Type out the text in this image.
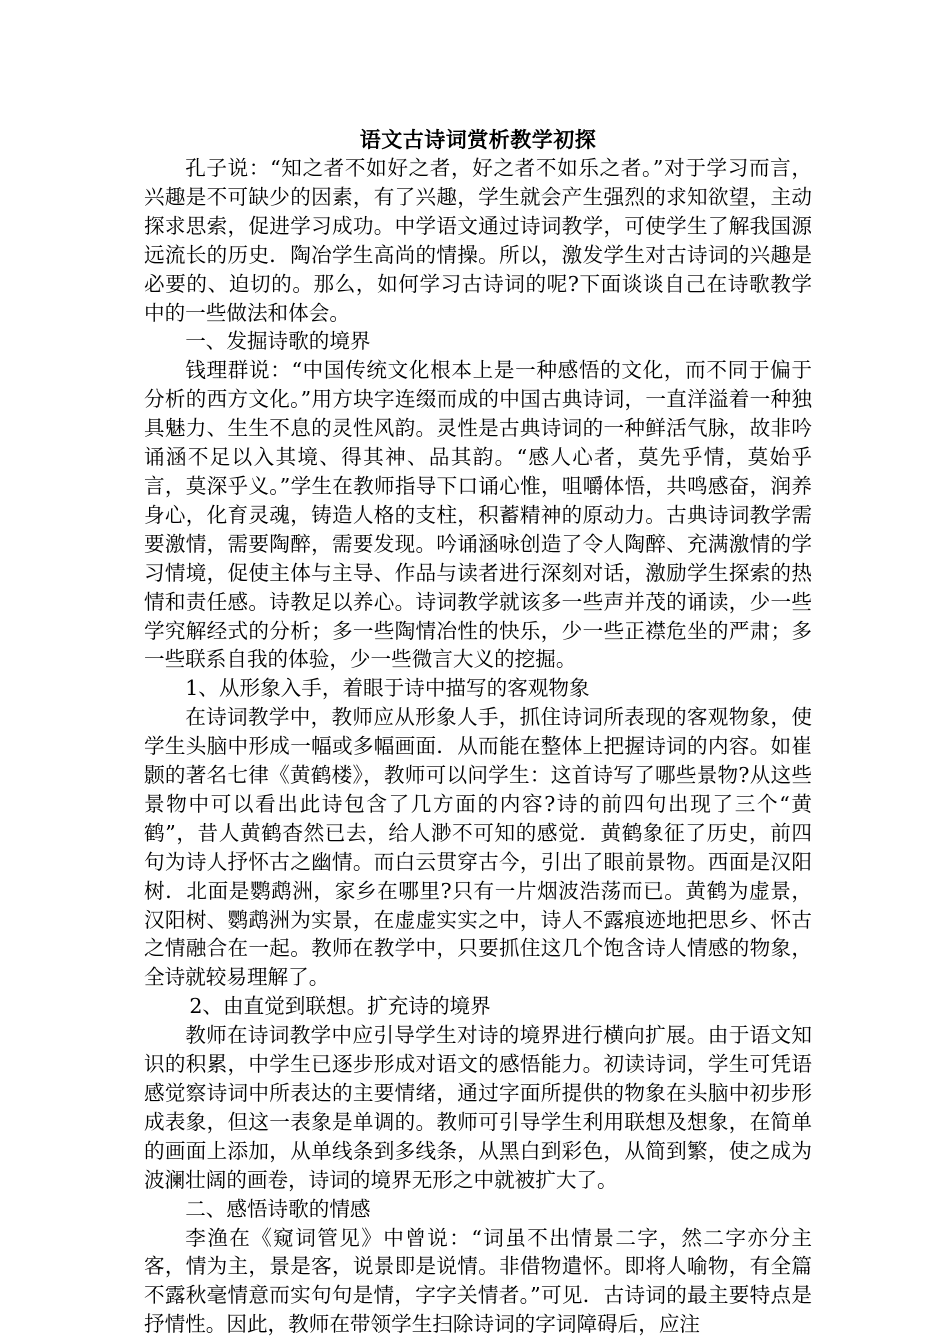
语文古诗词赏析教学初探

孔子说：“知之者不如好之者，好之者不如乐之者。”对于学习而言，兴趣是不可缺少的因素，有了兴趣，学生就会产生强烈的求知欲望，主动探求思索，促进学习成功。中学语文通过诗词教学，可使学生了解我国源远流长的历史．陶冶学生高尚的情操。所以，激发学生对古诗词的兴趣是必要的、迫切的。那么，如何学习古诗词的呢?下面谈谈自己在诗歌教学中的一些做法和体会。

一、发掘诗歌的境界

钱理群说：“中国传统文化根本上是一种感悟的文化，而不同于偏于分析的西方文化。”用方块字连缀而成的中国古典诗词，一直洋溢着一种独具魅力、生生不息的灵性风韵。灵性是古典诗词的一种鲜活气脉，故非吟诵涵不足以入其境、得其神、品其韵。“感人心者，莫先乎情，莫始乎言，莫深乎义。”学生在教师指导下口诵心惟，咀嚼体悟，共鸣感奋，润养身心，化育灵魂，铸造人格的支柱，积蓄精神的原动力。古典诗词教学需要激情，需要陶醉，需要发现。吟诵涵咏创造了令人陶醉、充满激情的学习情境，促使主体与主导、作品与读者进行深刻对话，激励学生探索的热情和责任感。诗教足以养心。诗词教学就该多一些声并茂的诵读，少一些学究解经式的分析；多一些陶情冶性的快乐，少一些正襟危坐的严肃；多一些联系自我的体验，少一些微言大义的挖掘。

1、从形象入手，着眼于诗中描写的客观物象

在诗词教学中，教师应从形象人手，抓住诗词所表现的客观物象，使学生头脑中形成一幅或多幅画面．从而能在整体上把握诗词的内容。如崔颢的著名七律《黄鹤楼》，教师可以问学生：这首诗写了哪些景物?从这些景物中可以看出此诗包含了几方面的内容?诗的前四句出现了三个“黄鹤”，昔人黄鹤杳然已去，给人渺不可知的感觉．黄鹤象征了历史，前四句为诗人抒怀古之幽情。而白云贯穿古今，引出了眼前景物。西面是汉阳树．北面是鹦鹉洲，家乡在哪里?只有一片烟波浩荡而已。黄鹤为虚景，汉阳树、鹦鹉洲为实景，在虚虚实实之中，诗人不露痕迹地把思乡、怀古之情融合在一起。教师在教学中，只要抓住这几个饱含诗人情感的物象，全诗就较易理解了。

2、由直觉到联想。扩充诗的境界

教师在诗词教学中应引导学生对诗的境界进行横向扩展。由于语文知识的积累，中学生已逐步形成对语文的感悟能力。初读诗词，学生可凭语感觉察诗词中所表达的主要情绪，通过字面所提供的物象在头脑中初步形成表象，但这一表象是单调的。教师可引导学生利用联想及想象，在简单的画面上添加，从单线条到多线条，从黑白到彩色，从简到繁，使之成为波澜壮阔的画卷，诗词的境界无形之中就被扩大了。

二、感悟诗歌的情感

李渔在《窥词管见》中曾说：“词虽不出情景二字，然二字亦分主客，情为主，景是客，说景即是说情。非借物遣怀。即将人喻物，有全篇不露秋毫情意而实句句是情，字字关情者。”可见．古诗词的最主要特点是抒情性。因此，教师在带领学生扫除诗词的字词障碍后，应注
